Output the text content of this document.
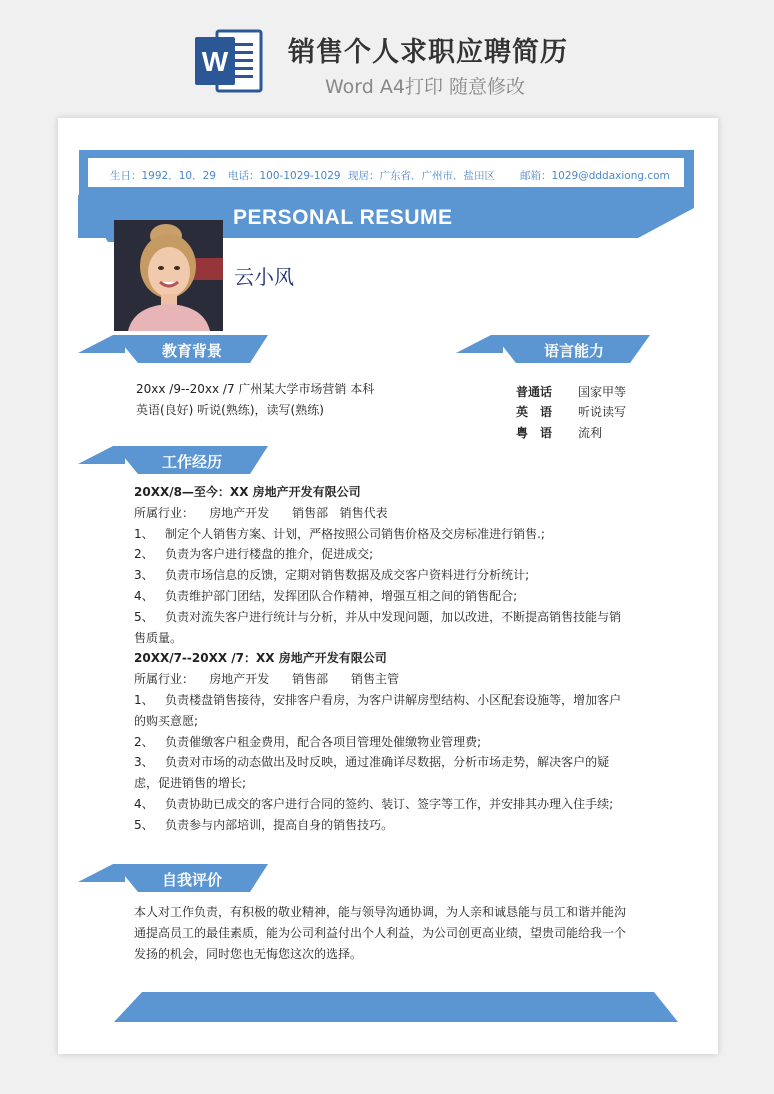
W 销售个人求职应聘简历
Word A4打印 随意修改
生日：1992．10．29 电话：100-1029-1029 现居：广东省．广州市．盐田区 邮箱：1029@dddaxiong.com
PERSONAL RESUME
云小风
教育背景	语言能力
工作经历
自我评价
20xx /9--20xx /7 广州某大学市场营销 本科
英语(良好) 听说(熟练)，读写(熟练)
普通话 国家甲等
英　语 听说读写
粤　语 流利
20XX/8—至今：XX 房地产开发有限公司
所属行业：    房地产开发      销售部   销售代表
1、   制定个人销售方案、计划，严格按照公司销售价格及交房标准进行销售.;
2、   负责为客户进行楼盘的推介，促进成交;
3、   负责市场信息的反馈，定期对销售数据及成交客户资料进行分析统计;
4、   负责维护部门团结，发挥团队合作精神，增强互相之间的销售配合;
5、   负责对流失客户进行统计与分析，并从中发现问题，加以改进，不断提高销售技能与销
售质量。
20XX/7--20XX /7：XX 房地产开发有限公司
所属行业：    房地产开发      销售部      销售主管
1、   负责楼盘销售接待，安排客户看房，为客户讲解房型结构、小区配套设施等，增加客户
的购买意愿;
2、   负责催缴客户租金费用，配合各项目管理处催缴物业管理费;
3、   负责对市场的动态做出及时反映，通过准确详尽数据，分析市场走势，解决客户的疑
虑，促进销售的增长;
4、   负责协助已成交的客户进行合同的签约、装订、签字等工作，并安排其办理入住手续;
5、   负责参与内部培训，提高自身的销售技巧。
本人对工作负责，有积极的敬业精神，能与领导沟通协调，为人亲和诚恳能与员工和谐并能沟
通提高员工的最佳素质，能为公司利益付出个人利益，为公司创更高业绩，望贵司能给我一个
发扬的机会，同时您也无悔您这次的选择。
